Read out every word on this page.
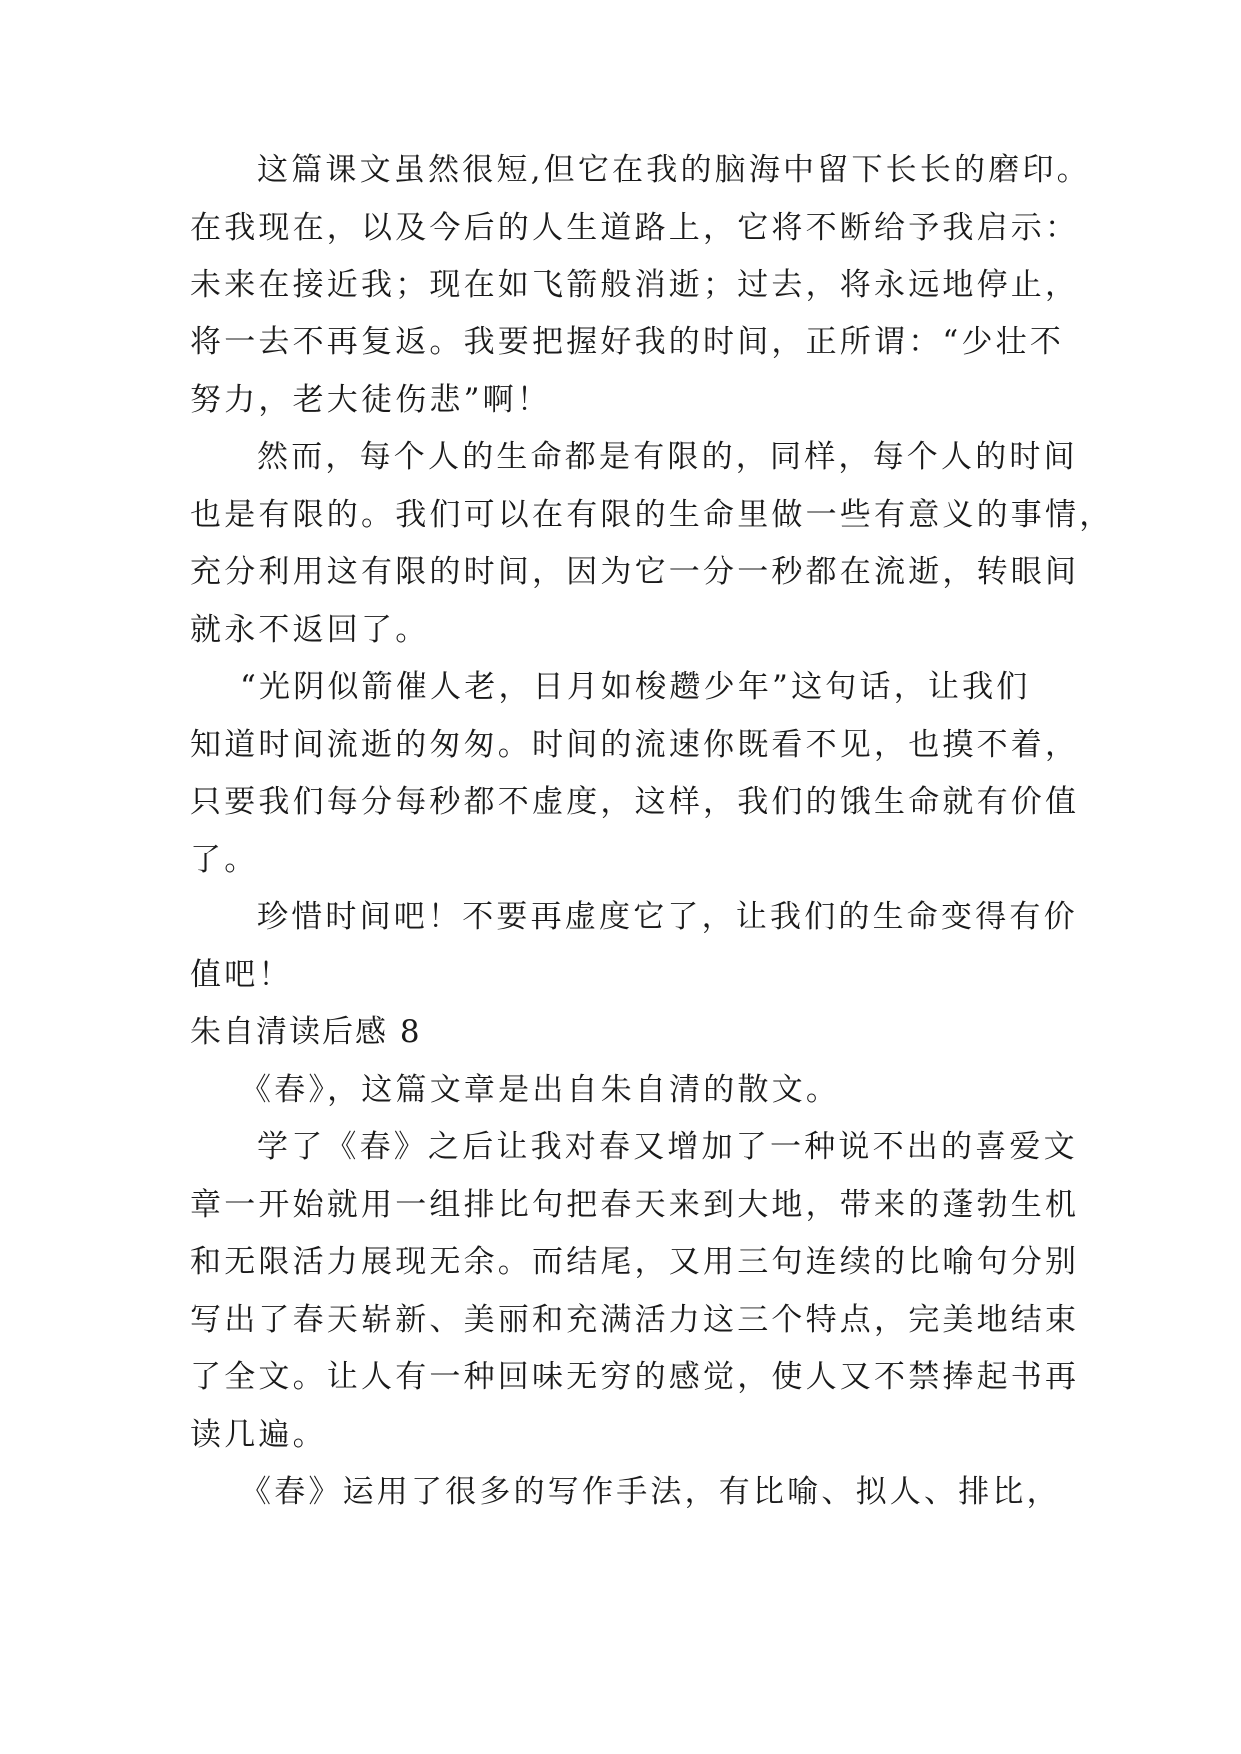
这篇课文虽然很短,但它在我的脑海中留下长长的磨印。
在我现在，以及今后的人生道路上，它将不断给予我启示：
未来在接近我；现在如飞箭般消逝；过去，将永远地停止，
将一去不再复返。我要把握好我的时间，正所谓：“少壮不
努力，老大徒伤悲”啊！
然而，每个人的生命都是有限的，同样，每个人的时间
也是有限的。我们可以在有限的生命里做一些有意义的事情，
充分利用这有限的时间，因为它一分一秒都在流逝，转眼间
就永不返回了。
“光阴似箭催人老，日月如梭趱少年”这句话，让我们
知道时间流逝的匆匆。时间的流速你既看不见，也摸不着，
只要我们每分每秒都不虚度，这样，我们的饿生命就有价值
了。
珍惜时间吧！不要再虚度它了，让我们的生命变得有价
值吧！
朱自清读后感 8
《春》，这篇文章是出自朱自清的散文。
学了《春》之后让我对春又增加了一种说不出的喜爱文
章一开始就用一组排比句把春天来到大地，带来的蓬勃生机
和无限活力展现无余。而结尾，又用三句连续的比喻句分别
写出了春天崭新、美丽和充满活力这三个特点，完美地结束
了全文。让人有一种回味无穷的感觉，使人又不禁捧起书再
读几遍。
《春》运用了很多的写作手法，有比喻、拟人、排比，
